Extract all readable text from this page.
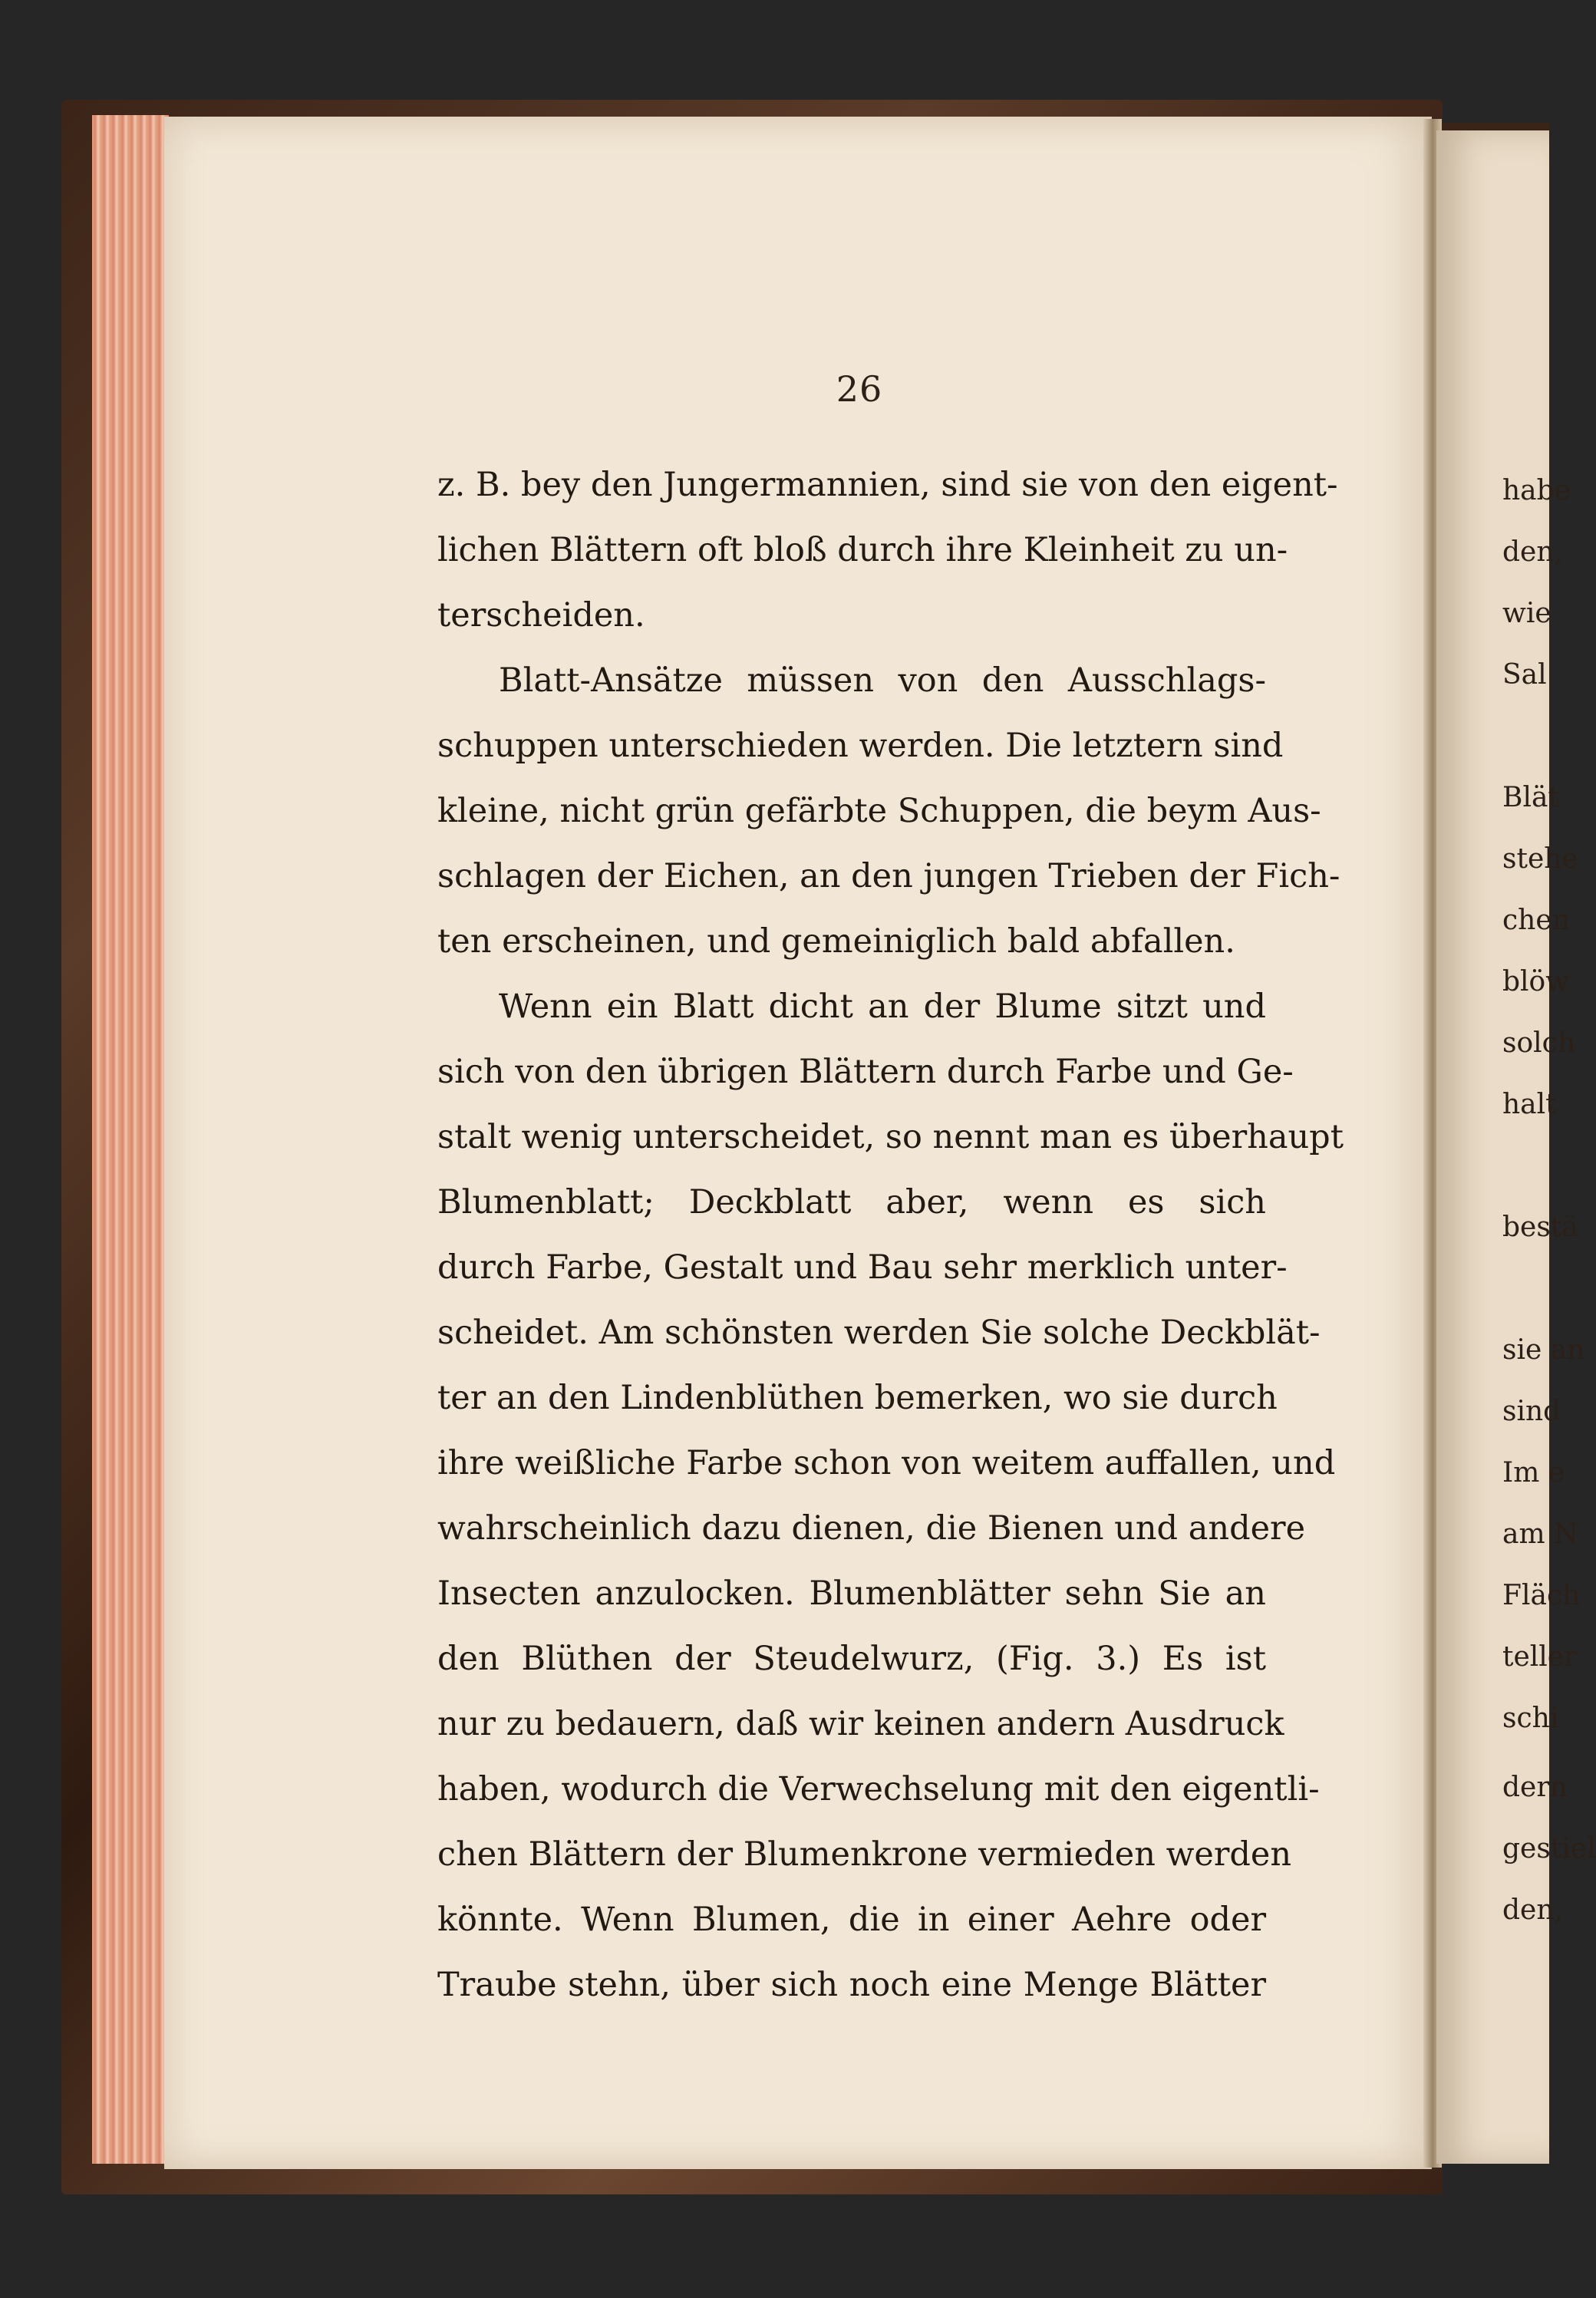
26
z. B. bey den Jungermannien, sind sie von den eigent-
lichen Blättern oft bloß durch ihre Kleinheit zu un-
terscheiden.
Blatt-Ansätze müssen von den Ausschlags-
schuppen unterschieden werden. Die letztern sind
kleine, nicht grün gefärbte Schuppen, die beym Aus-
schlagen der Eichen, an den jungen Trieben der Fich-
ten erscheinen, und gemeiniglich bald abfallen.
Wenn ein Blatt dicht an der Blume sitzt und
sich von den übrigen Blättern durch Farbe und Ge-
stalt wenig unterscheidet, so nennt man es überhaupt
Blumenblatt; Deckblatt aber, wenn es sich
durch Farbe, Gestalt und Bau sehr merklich unter-
scheidet. Am schönsten werden Sie solche Deckblät-
ter an den Lindenblüthen bemerken, wo sie durch
ihre weißliche Farbe schon von weitem auffallen, und
wahrscheinlich dazu dienen, die Bienen und andere
Insecten anzulocken. Blumenblätter sehn Sie an
den Blüthen der Steudelwurz, (Fig. 3.) Es ist
nur zu bedauern, daß wir keinen andern Ausdruck
haben, wodurch die Verwechselung mit den eigentli-
chen Blättern der Blumenkrone vermieden werden
könnte. Wenn Blumen, die in einer Aehre oder
Traube stehn, über sich noch eine Menge Blätter
habe
den,
wie
Sal
Blät
stehe
chen
blöw
solch
halt
bestä
sie an
sind
Im e
am N
Fläch
teller
schi
dern
gestiel
den,
